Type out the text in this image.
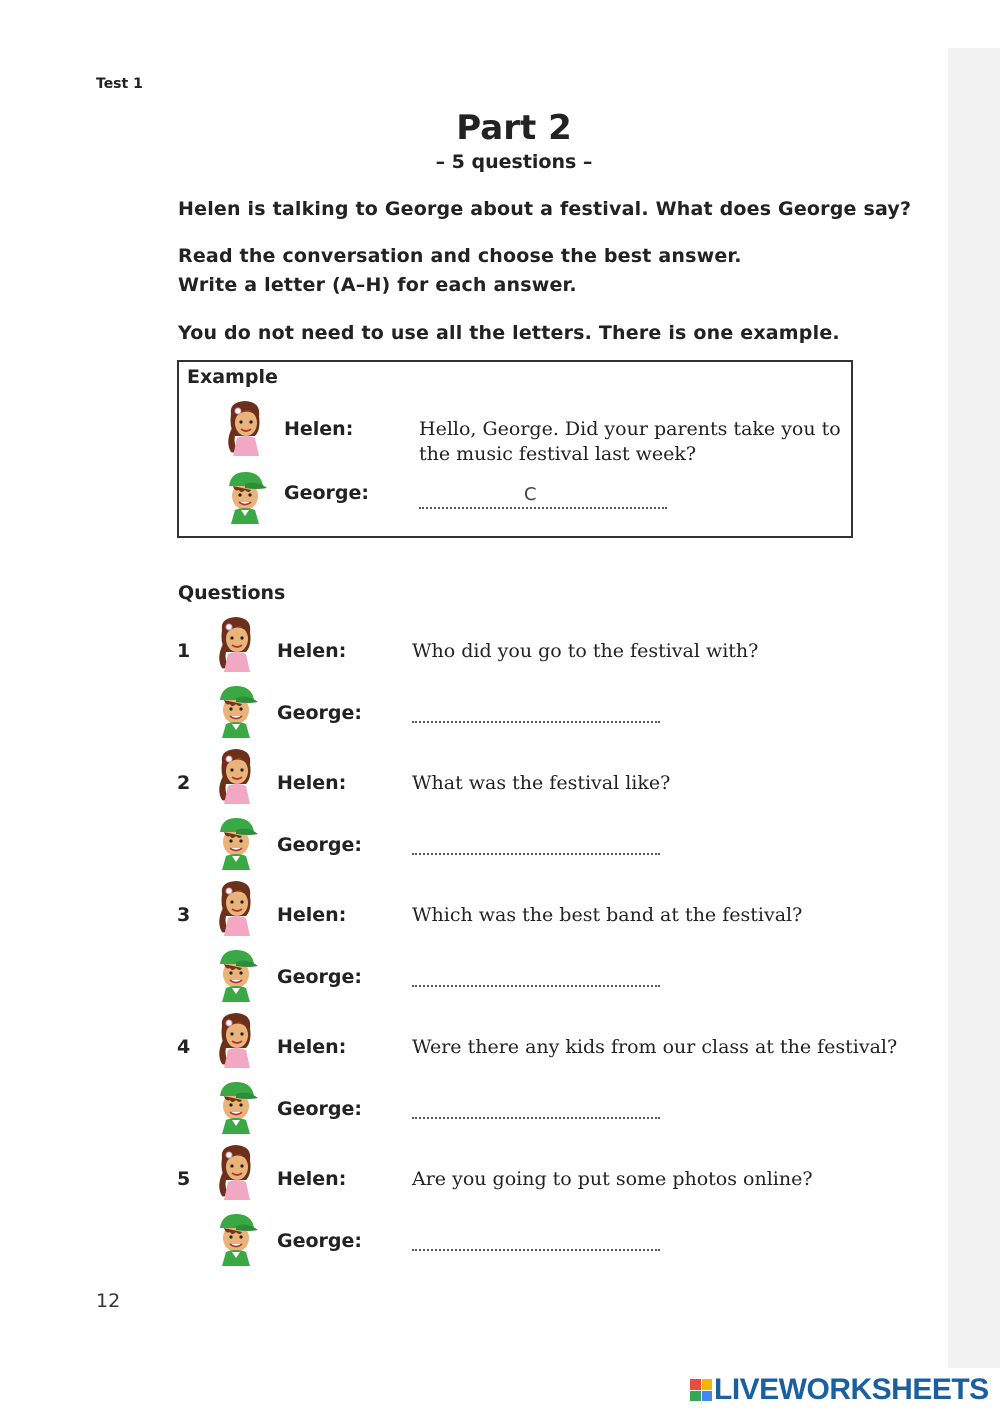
Test 1
Part 2
– 5 questions –
Helen is talking to George about a festival. What does George say?
Read the conversation and choose the best answer.
Write a letter (A–H) for each answer.
You do not need to use all the letters. There is one example.
Example
Helen:	Hello, George. Did your parents take you to
the music festival last week?
George:	C
Questions
1	Helen:	Who did you go to the festival with?
George:
2	Helen:	What was the festival like?
George:
3	Helen:	Which was the best band at the festival?
George:
4	Helen:	Were there any kids from our class at the festival?
George:
5	Helen:	Are you going to put some photos online?
George:
12
LIVEWORKSHEETS
